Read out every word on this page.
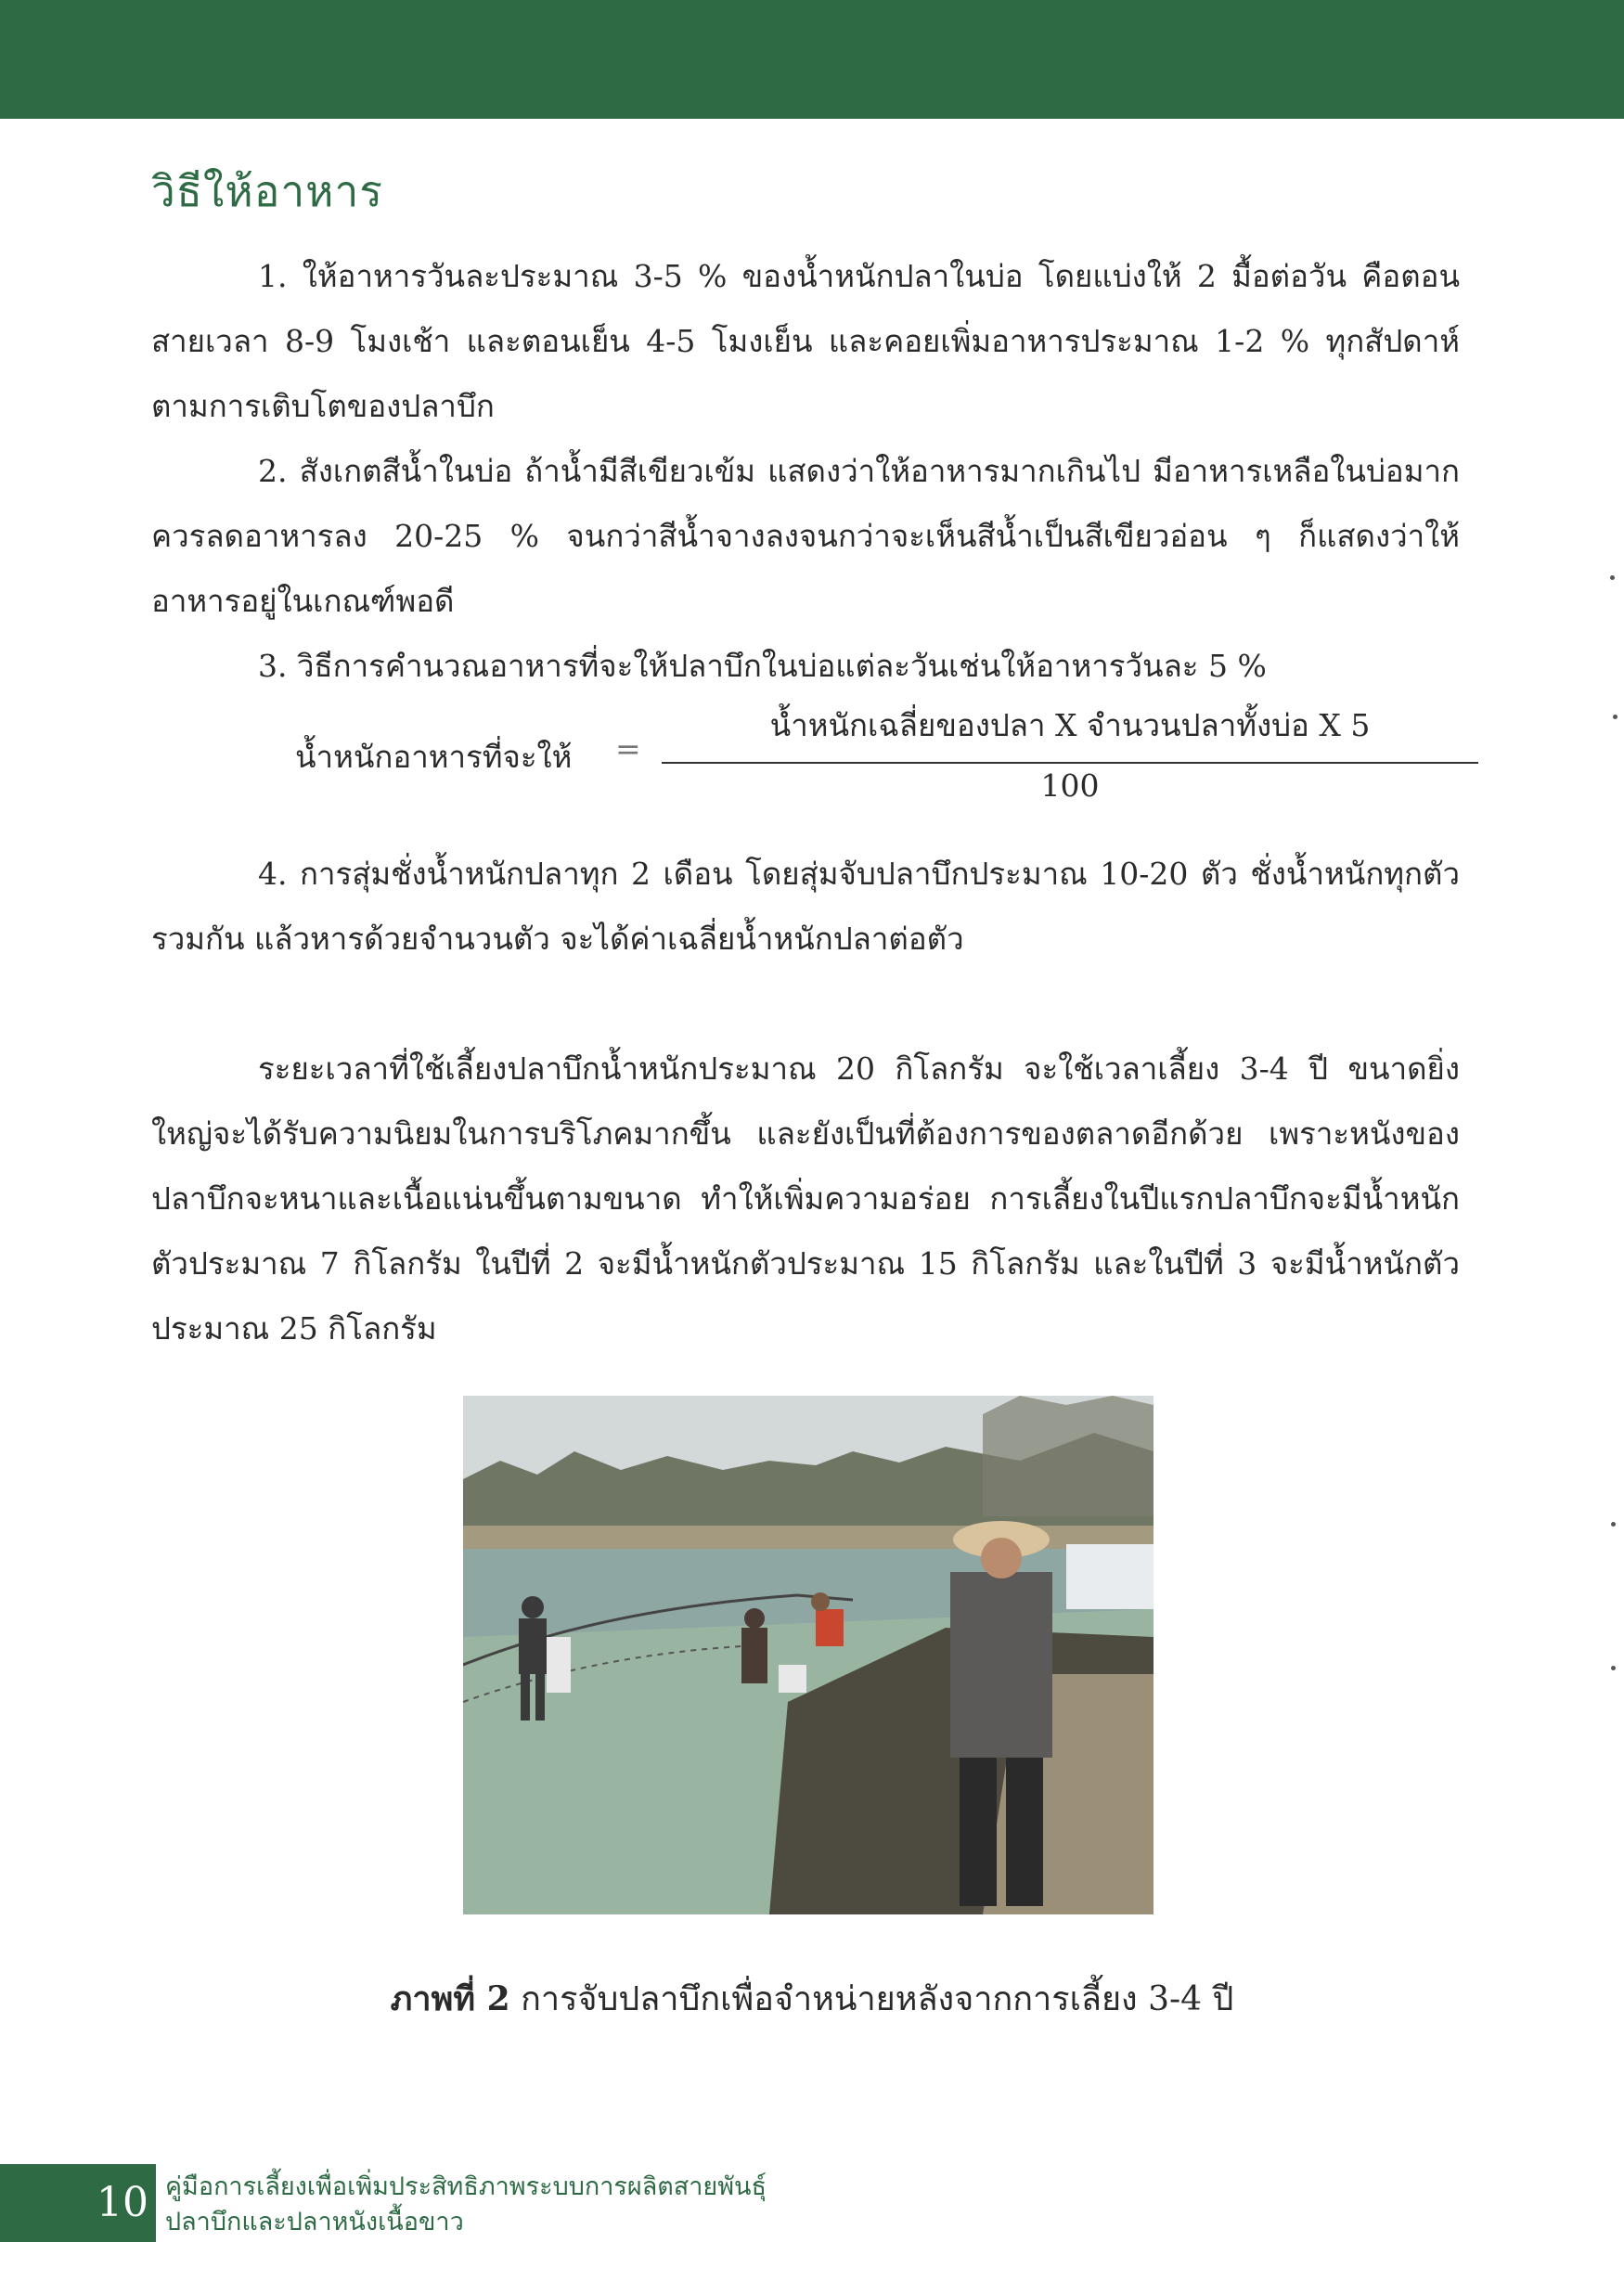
วิธีให้อาหาร

1. ให้อาหารวันละประมาณ 3-5 % ของน้ำหนักปลาในบ่อ โดยแบ่งให้ 2 มื้อต่อวัน คือตอนสายเวลา 8-9 โมงเช้า และตอนเย็น 4-5 โมงเย็น และคอยเพิ่มอาหารประมาณ 1-2 % ทุกสัปดาห์ ตามการเติบโตของปลาบึก

2. สังเกตสีน้ำในบ่อ ถ้าน้ำมีสีเขียวเข้ม แสดงว่าให้อาหารมากเกินไป มีอาหารเหลือในบ่อมาก ควรลดอาหารลง 20-25 % จนกว่าสีน้ำจางลงจนกว่าจะเห็นสีน้ำเป็นสีเขียวอ่อน ๆ ก็แสดงว่าให้อาหารอยู่ในเกณฑ์พอดี

3. วิธีการคำนวณอาหารที่จะให้ปลาบึกในบ่อแต่ละวันเช่นให้อาหารวันละ 5 %

น้ำหนักอาหารที่จะให้ =
น้ำหนักเฉลี่ยของปลา X จำนวนปลาทั้งบ่อ X 5
100

4. การสุ่มชั่งน้ำหนักปลาทุก 2 เดือน โดยสุ่มจับปลาบึกประมาณ 10-20 ตัว ชั่งน้ำหนักทุกตัวรวมกัน แล้วหารด้วยจำนวนตัว จะได้ค่าเฉลี่ยน้ำหนักปลาต่อตัว

ระยะเวลาที่ใช้เลี้ยงปลาบึกน้ำหนักประมาณ 20 กิโลกรัม จะใช้เวลาเลี้ยง 3-4 ปี ขนาดยิ่งใหญ่จะได้รับความนิยมในการบริโภคมากขึ้น และยังเป็นที่ต้องการของตลาดอีกด้วย เพราะหนังของปลาบึกจะหนาและเนื้อแน่นขึ้นตามขนาด ทำให้เพิ่มความอร่อย การเลี้ยงในปีแรกปลาบึกจะมีน้ำหนักตัวประมาณ 7 กิโลกรัม ในปีที่ 2 จะมีน้ำหนักตัวประมาณ 15 กิโลกรัม และในปีที่ 3 จะมีน้ำหนักตัวประมาณ 25 กิโลกรัม

ภาพที่ 2 การจับปลาบึกเพื่อจำหน่ายหลังจากการเลี้ยง 3-4 ปี
10 คู่มือการเลี้ยงเพื่อเพิ่มประสิทธิภาพระบบการผลิตสายพันธุ์
ปลาบึกและปลาหนังเนื้อขาว
